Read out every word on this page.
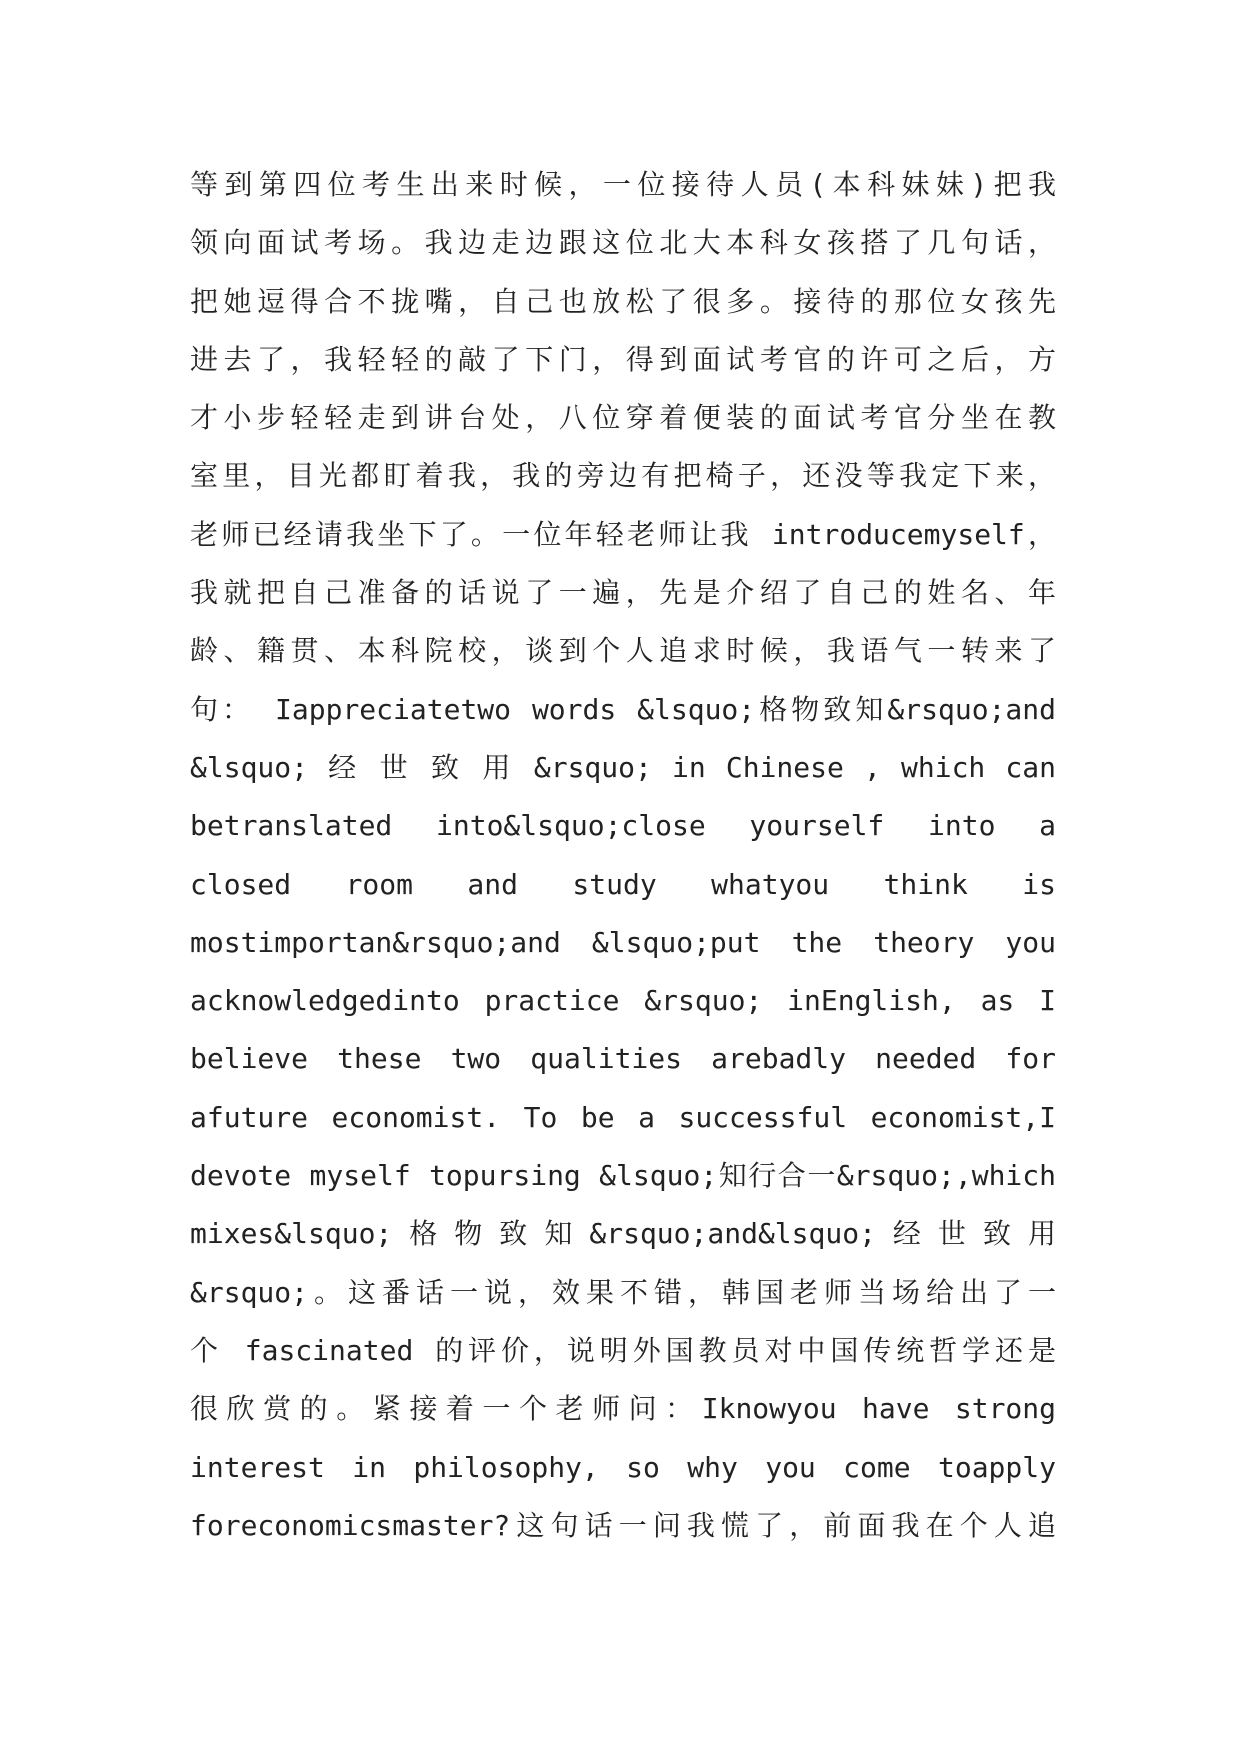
等到第四位考生出来时候，一位接待人员(本科妹妹)把我
领向面试考场。我边走边跟这位北大本科女孩搭了几句话，
把她逗得合不拢嘴，自己也放松了很多。接待的那位女孩先
进去了，我轻轻的敲了下门，得到面试考官的许可之后，方
才小步轻轻走到讲台处，八位穿着便装的面试考官分坐在教
室里，目光都盯着我，我的旁边有把椅子，还没等我定下来，
老师已经请我坐下了。一位年轻老师让我 introducemyself，
我就把自己准备的话说了一遍，先是介绍了自己的姓名、年
龄、籍贯、本科院校，谈到个人追求时候，我语气一转来了
句： Iappreciatetwo words &lsquo;格物致知&rsquo;and
&lsquo; 经 世 致 用 &rsquo; in Chinese , which can
betranslated into&lsquo;close yourself into a
closed room and study whatyou think is
mostimportan&rsquo;and &lsquo;put the theory you
acknowledgedinto practice &rsquo; inEnglish, as I
believe these two qualities arebadly needed for
afuture economist. To be a successful economist,I
devote myself topursing &lsquo;知行合一&rsquo;,which
mixes&lsquo; 格 物 致 知 &rsquo;and&lsquo; 经 世 致 用
&rsquo;。这番话一说，效果不错，韩国老师当场给出了一
个 fascinated 的评价，说明外国教员对中国传统哲学还是
很欣赏的。紧接着一个老师问：Iknowyou have strong
interest in philosophy, so why you come toapply
foreconomicsmaster?这句话一问我慌了，前面我在个人追
